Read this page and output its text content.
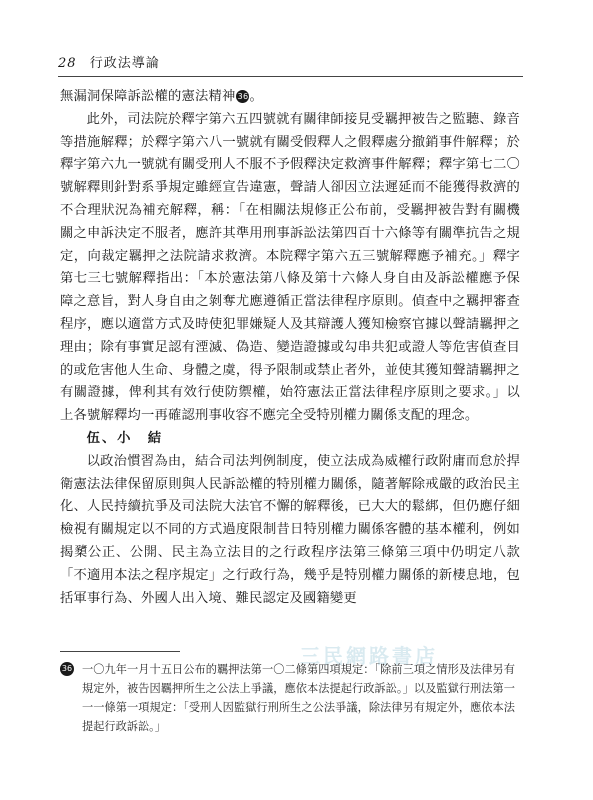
28 行政法導論

無漏洞保障訴訟權的憲法精神 36。

此外，司法院於釋字第六五四號就有關律師接見受羈押被告之監聽、錄音等措施解釋；於釋字第六八一號就有關受假釋人之假釋處分撤銷事件解釋；於釋字第六九一號就有關受刑人不服不予假釋決定救濟事件解釋；釋字第七二〇號解釋則針對系爭規定雖經宣告違憲，聲請人卻因立法遲延而不能獲得救濟的不合理狀況為補充解釋，稱：「在相關法規修正公布前，受羈押被告對有關機關之申訴決定不服者，應許其準用刑事訴訟法第四百十六條等有關準抗告之規定，向裁定羈押之法院請求救濟。本院釋字第六五三號解釋應予補充。」釋字第七三七號解釋指出：「本於憲法第八條及第十六條人身自由及訴訟權應予保障之意旨，對人身自由之剝奪尤應遵循正當法律程序原則。偵查中之羈押審查程序，應以適當方式及時使犯罪嫌疑人及其辯護人獲知檢察官據以聲請羈押之理由；除有事實足認有湮滅、偽造、變造證據或勾串共犯或證人等危害偵查目的或危害他人生命、身體之虞，得予限制或禁止者外，並使其獲知聲請羈押之有關證據，俾利其有效行使防禦權，始符憲法正當法律程序原則之要求。」以上各號解釋均一再確認刑事收容不應完全受特別權力關係支配的理念。

伍、小　結

以政治慣習為由，結合司法判例制度，使立法成為威權行政附庸而怠於捍衛憲法法律保留原則與人民訴訟權的特別權力關係，隨著解除戒嚴的政治民主化、人民持續抗爭及司法院大法官不懈的解釋後，已大大的鬆綁，但仍應仔細檢視有關規定以不同的方式過度限制昔日特別權力關係客體的基本權利，例如揭櫫公正、公開、民主為立法目的之行政程序法第三條第三項中仍明定八款「不適用本法之程序規定」之行政行為，幾乎是特別權力關係的新棲息地，包括軍事行為、外國人出入境、難民認定及國籍變更

三民網路書店
36 一〇九年一月十五日公布的羈押法第一〇二條第四項規定：「除前三項之情形及法律另有規定外，被告因羈押所生之公法上爭議，應依本法提起行政訴訟。」以及監獄行刑法第一一一條第一項規定：「受刑人因監獄行刑所生之公法爭議，除法律另有規定外，應依本法提起行政訴訟。」
